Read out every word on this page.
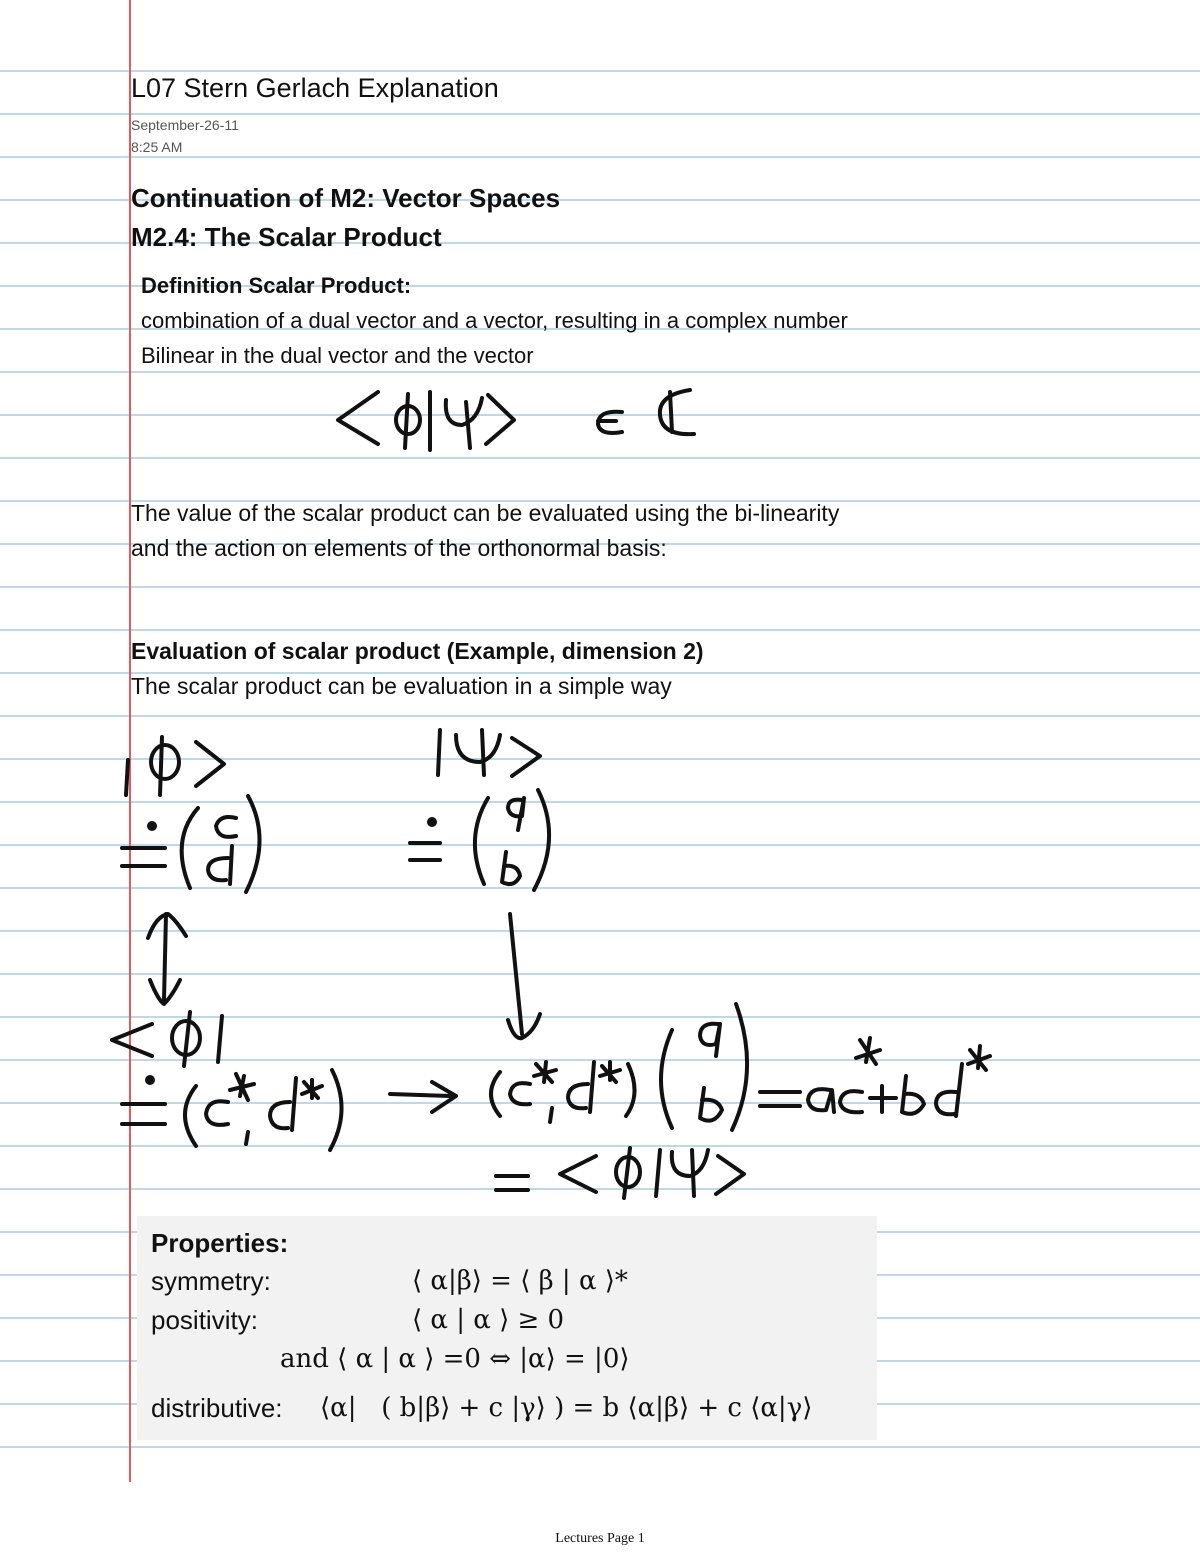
L07 Stern Gerlach Explanation
September-26-11
8:25 AM
Continuation of M2: Vector Spaces
M2.4: The Scalar Product
Definition Scalar Product:
combination of a dual vector and a vector, resulting in a complex number
Bilinear in the dual vector and the vector
The value of the scalar product can be evaluated using the bi-linearity
and the action on elements of the orthonormal basis:
Evaluation of scalar product (Example, dimension 2)
The scalar product can be evaluation in a simple way
Properties:
symmetry:	⟨ α|β⟩ = ⟨ β | α ⟩*
positivity:	⟨ α | α ⟩ ≥ 0
and ⟨ α | α ⟩ =0 ⇔ |α⟩ = |0⟩
distributive: ⟨α|   ( b|β⟩ + c |γ⟩ ) = b ⟨α|β⟩ + c ⟨α|γ⟩
Lectures Page 1
